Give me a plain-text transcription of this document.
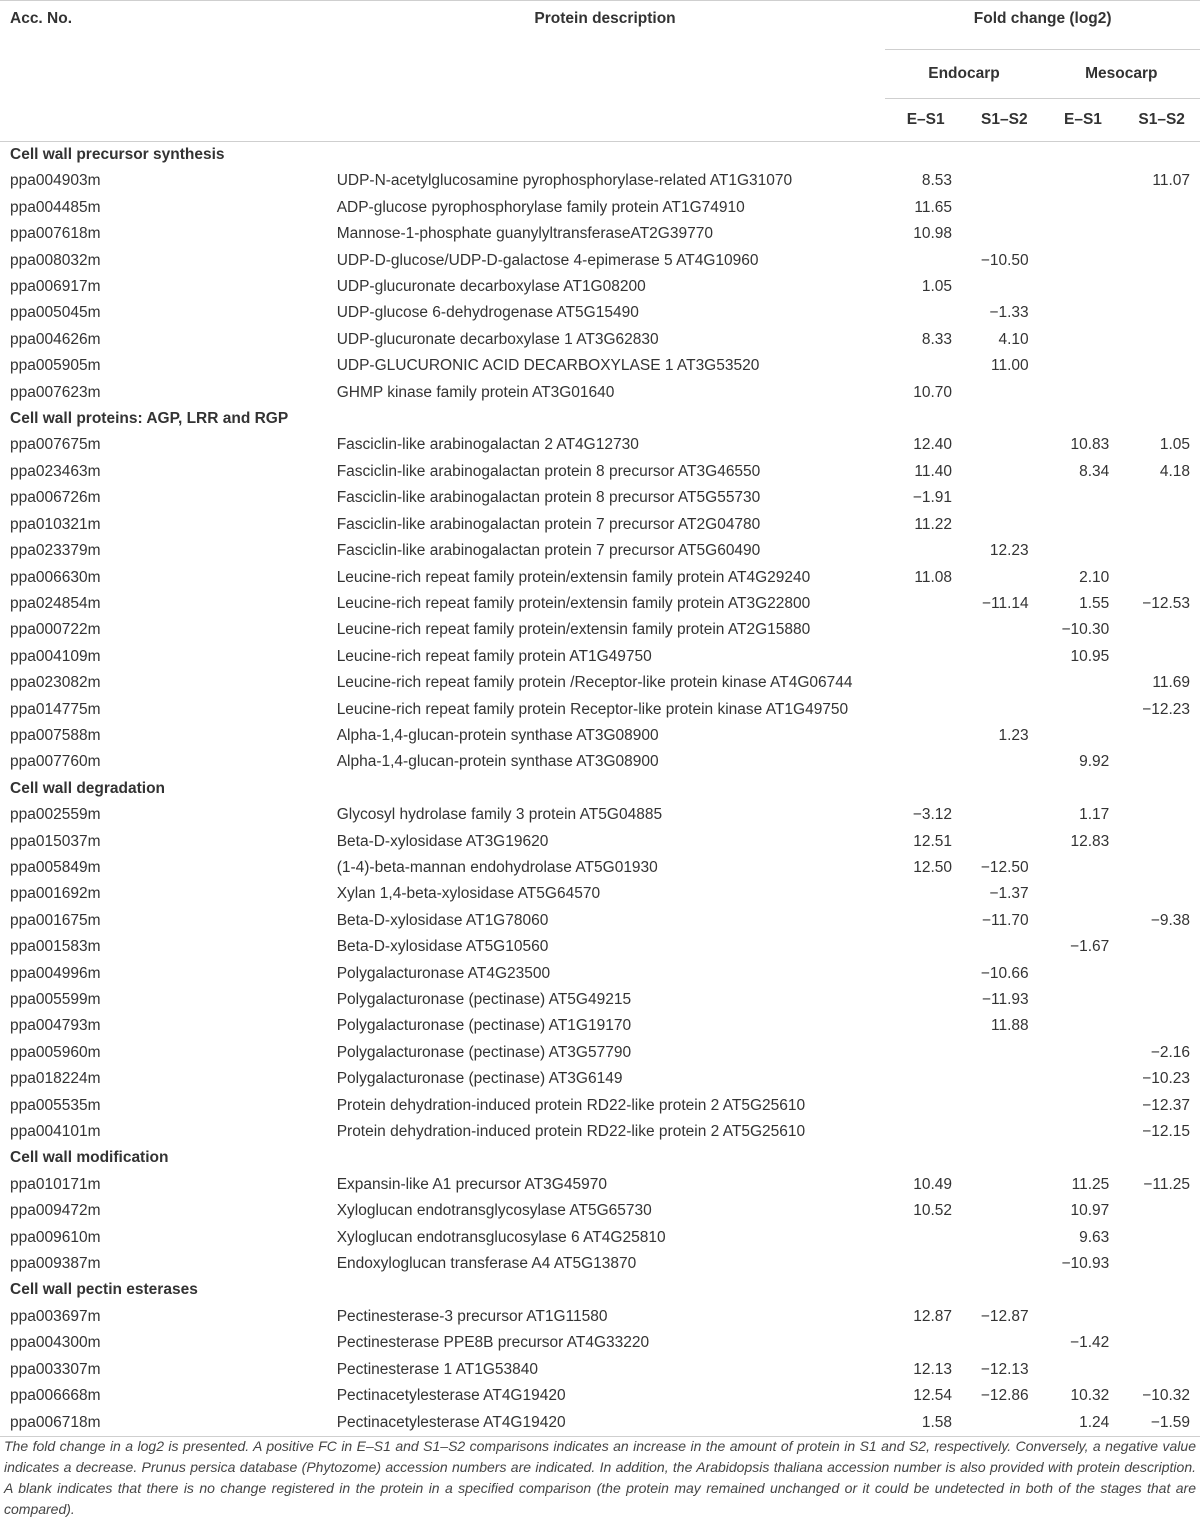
Acc. No.	Protein description	Fold change (log2)			
		Endocarp		Mesocarp	
		E–S1	S1–S2	E–S1	S1–S2
Cell wall precursor synthesis					
ppa004903m	UDP-N-acetylglucosamine pyrophosphorylase-related AT1G31070	8.53			11.07
ppa004485m	ADP-glucose pyrophosphorylase family protein AT1G74910	11.65			
ppa007618m	Mannose-1-phosphate guanylyltransferaseAT2G39770	10.98			
ppa008032m	UDP-D-glucose/UDP-D-galactose 4-epimerase 5 AT4G10960		−10.50		
ppa006917m	UDP-glucuronate decarboxylase AT1G08200	1.05			
ppa005045m	UDP-glucose 6-dehydrogenase AT5G15490		−1.33		
ppa004626m	UDP-glucuronate decarboxylase 1 AT3G62830	8.33	4.10		
ppa005905m	UDP-GLUCURONIC ACID DECARBOXYLASE 1 AT3G53520		11.00		
ppa007623m	GHMP kinase family protein AT3G01640	10.70			
Cell wall proteins: AGP, LRR and RGP					
ppa007675m	Fasciclin-like arabinogalactan 2 AT4G12730	12.40		10.83	1.05
ppa023463m	Fasciclin-like arabinogalactan protein 8 precursor AT3G46550	11.40		8.34	4.18
ppa006726m	Fasciclin-like arabinogalactan protein 8 precursor AT5G55730	−1.91			
ppa010321m	Fasciclin-like arabinogalactan protein 7 precursor AT2G04780	11.22			
ppa023379m	Fasciclin-like arabinogalactan protein 7 precursor AT5G60490		12.23		
ppa006630m	Leucine-rich repeat family protein/extensin family protein AT4G29240	11.08		2.10	
ppa024854m	Leucine-rich repeat family protein/extensin family protein AT3G22800		−11.14	1.55	−12.53
ppa000722m	Leucine-rich repeat family protein/extensin family protein AT2G15880			−10.30	
ppa004109m	Leucine-rich repeat family protein AT1G49750			10.95	
ppa023082m	Leucine-rich repeat family protein /Receptor-like protein kinase AT4G06744				11.69
ppa014775m	Leucine-rich repeat family protein Receptor-like protein kinase AT1G49750				−12.23
ppa007588m	Alpha-1,4-glucan-protein synthase AT3G08900		1.23		
ppa007760m	Alpha-1,4-glucan-protein synthase AT3G08900			9.92	
Cell wall degradation					
ppa002559m	Glycosyl hydrolase family 3 protein AT5G04885	−3.12		1.17	
ppa015037m	Beta-D-xylosidase AT3G19620	12.51		12.83	
ppa005849m	(1-4)-beta-mannan endohydrolase AT5G01930	12.50	−12.50		
ppa001692m	Xylan 1,4-beta-xylosidase AT5G64570		−1.37		
ppa001675m	Beta-D-xylosidase AT1G78060		−11.70		−9.38
ppa001583m	Beta-D-xylosidase AT5G10560			−1.67	
ppa004996m	Polygalacturonase AT4G23500		−10.66		
ppa005599m	Polygalacturonase (pectinase) AT5G49215		−11.93		
ppa004793m	Polygalacturonase (pectinase) AT1G19170		11.88		
ppa005960m	Polygalacturonase (pectinase) AT3G57790				−2.16
ppa018224m	Polygalacturonase (pectinase) AT3G6149				−10.23
ppa005535m	Protein dehydration-induced protein RD22-like protein 2 AT5G25610				−12.37
ppa004101m	Protein dehydration-induced protein RD22-like protein 2 AT5G25610				−12.15
Cell wall modification					
ppa010171m	Expansin-like A1 precursor AT3G45970	10.49		11.25	−11.25
ppa009472m	Xyloglucan endotransglycosylase AT5G65730	10.52		10.97	
ppa009610m	Xyloglucan endotransglucosylase 6 AT4G25810			9.63	
ppa009387m	Endoxyloglucan transferase A4 AT5G13870			−10.93	
Cell wall pectin esterases					
ppa003697m	Pectinesterase-3 precursor AT1G11580	12.87	−12.87		
ppa004300m	Pectinesterase PPE8B precursor AT4G33220			−1.42	
ppa003307m	Pectinesterase 1 AT1G53840	12.13	−12.13		
ppa006668m	Pectinacetylesterase AT4G19420	12.54	−12.86	10.32	−10.32
ppa006718m	Pectinacetylesterase AT4G19420	1.58		1.24	−1.59
The fold change in a log2 is presented. A positive FC in E–S1 and S1–S2 comparisons indicates an increase in the amount of protein in S1 and S2, respectively. Conversely, a negative value indicates a decrease. Prunus persica database (Phytozome) accession numbers are indicated. In addition, the Arabidopsis thaliana accession number is also provided with protein description. A blank indicates that there is no change registered in the protein in a specified comparison (the protein may remained unchanged or it could be undetected in both of the stages that are compared).
